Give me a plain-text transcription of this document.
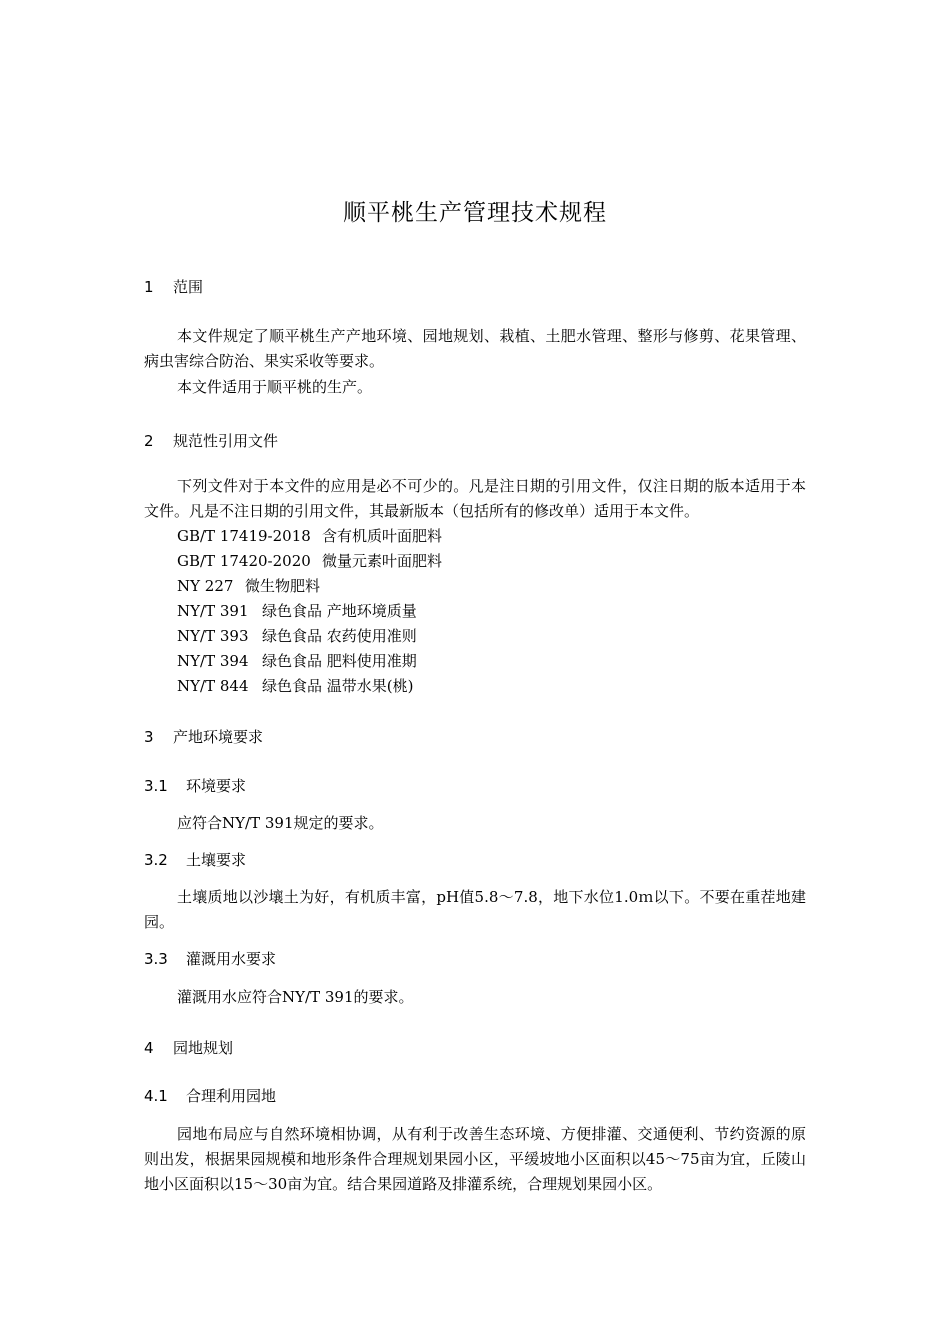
顺平桃生产管理技术规程
1 范围

本文件规定了顺平桃生产产地环境、园地规划、栽植、土肥水管理、整形与修剪、花果管理、病虫害综合防治、果实采收等要求。

本文件适用于顺平桃的生产。

2 规范性引用文件

下列文件对于本文件的应用是必不可少的。凡是注日期的引用文件，仅注日期的版本适用于本文件。凡是不注日期的引用文件，其最新版本（包括所有的修改单）适用于本文件。

GB/T 17419-2018 含有机质叶面肥料
GB/T 17420-2020 微量元素叶面肥料
NY 227 微生物肥料
NY/T 391 绿色食品 产地环境质量
NY/T 393 绿色食品 农药使用准则
NY/T 394 绿色食品 肥料使用准期
NY/T 844 绿色食品 温带水果(桃)
3 产地环境要求
3.1 环境要求

应符合NY/T 391规定的要求。

3.2 土壤要求

土壤质地以沙壤土为好，有机质丰富，pH值5.8～7.8，地下水位1.0ｍ以下。不要在重茬地建园。

3.3 灌溉用水要求

灌溉用水应符合NY/T 391的要求。

4 园地规划
4.1 合理利用园地

园地布局应与自然环境相协调，从有利于改善生态环境、方便排灌、交通便利、节约资源的原则出发，根据果园规模和地形条件合理规划果园小区，平缓坡地小区面积以45～75亩为宜，丘陵山地小区面积以15～30亩为宜。结合果园道路及排灌系统，合理规划果园小区。
